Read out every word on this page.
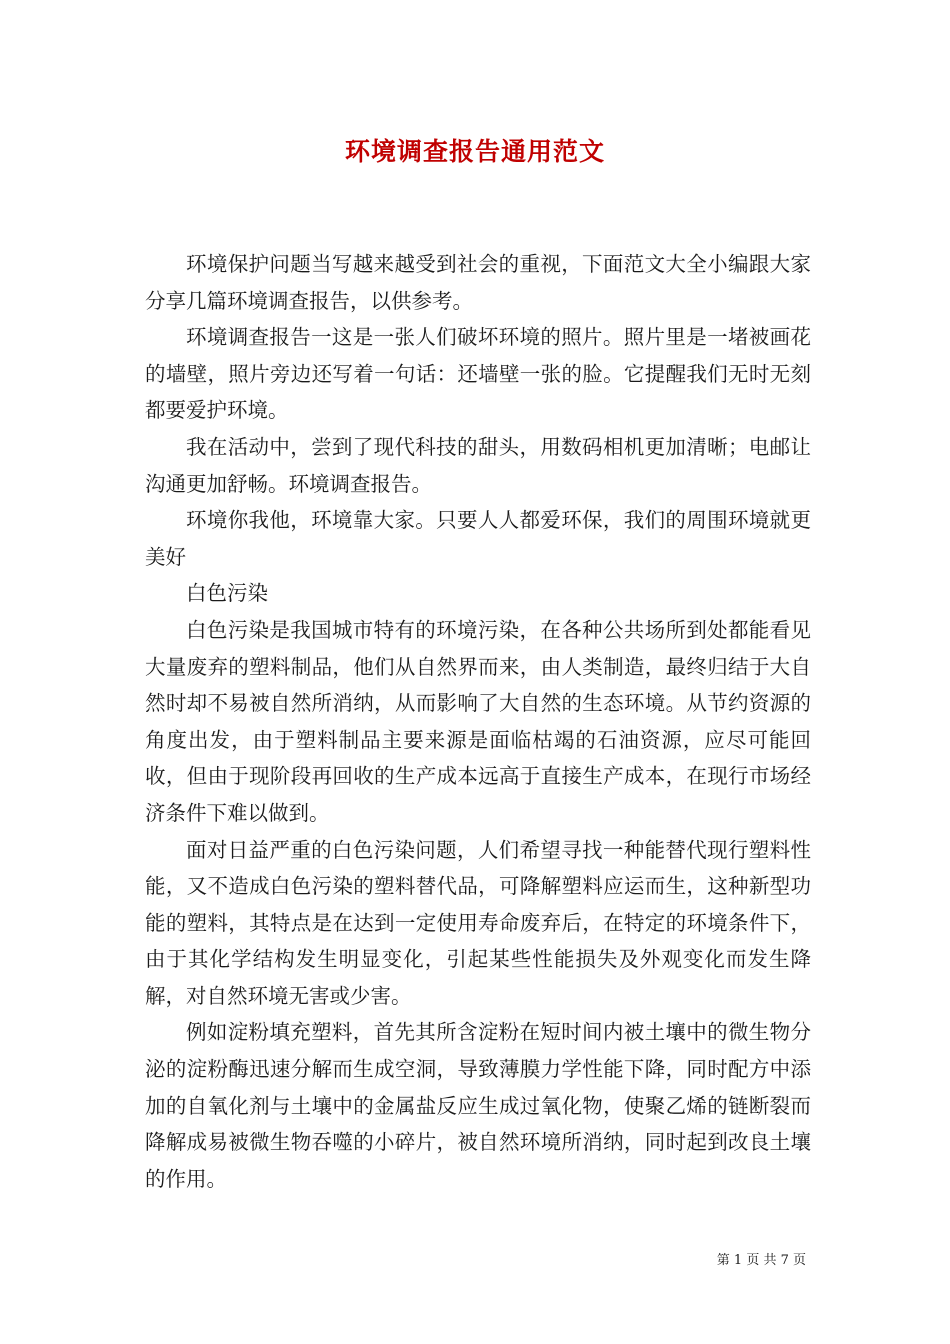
环境调查报告通用范文

环境保护问题当写越来越受到社会的重视，下面范文大全小编跟大家分享几篇环境调查报告，以供参考。

环境调查报告一这是一张人们破坏环境的照片。照片里是一堵被画花的墙壁，照片旁边还写着一句话：还墙壁一张的脸。它提醒我们无时无刻都要爱护环境。

我在活动中，尝到了现代科技的甜头，用数码相机更加清晰；电邮让沟通更加舒畅。环境调查报告。

环境你我他，环境靠大家。只要人人都爱环保，我们的周围环境就更美好

白色污染

白色污染是我国城市特有的环境污染，在各种公共场所到处都能看见大量废弃的塑料制品，他们从自然界而来，由人类制造，最终归结于大自然时却不易被自然所消纳，从而影响了大自然的生态环境。从节约资源的角度出发，由于塑料制品主要来源是面临枯竭的石油资源，应尽可能回收，但由于现阶段再回收的生产成本远高于直接生产成本，在现行市场经济条件下难以做到。

面对日益严重的白色污染问题，人们希望寻找一种能替代现行塑料性能，又不造成白色污染的塑料替代品，可降解塑料应运而生，这种新型功能的塑料，其特点是在达到一定使用寿命废弃后，在特定的环境条件下，由于其化学结构发生明显变化，引起某些性能损失及外观变化而发生降解，对自然环境无害或少害。

例如淀粉填充塑料，首先其所含淀粉在短时间内被土壤中的微生物分泌的淀粉酶迅速分解而生成空洞，导致薄膜力学性能下降，同时配方中添加的自氧化剂与土壤中的金属盐反应生成过氧化物，使聚乙烯的链断裂而降解成易被微生物吞噬的小碎片，被自然环境所消纳，同时起到改良土壤的作用。

第 1 页 共 7 页
